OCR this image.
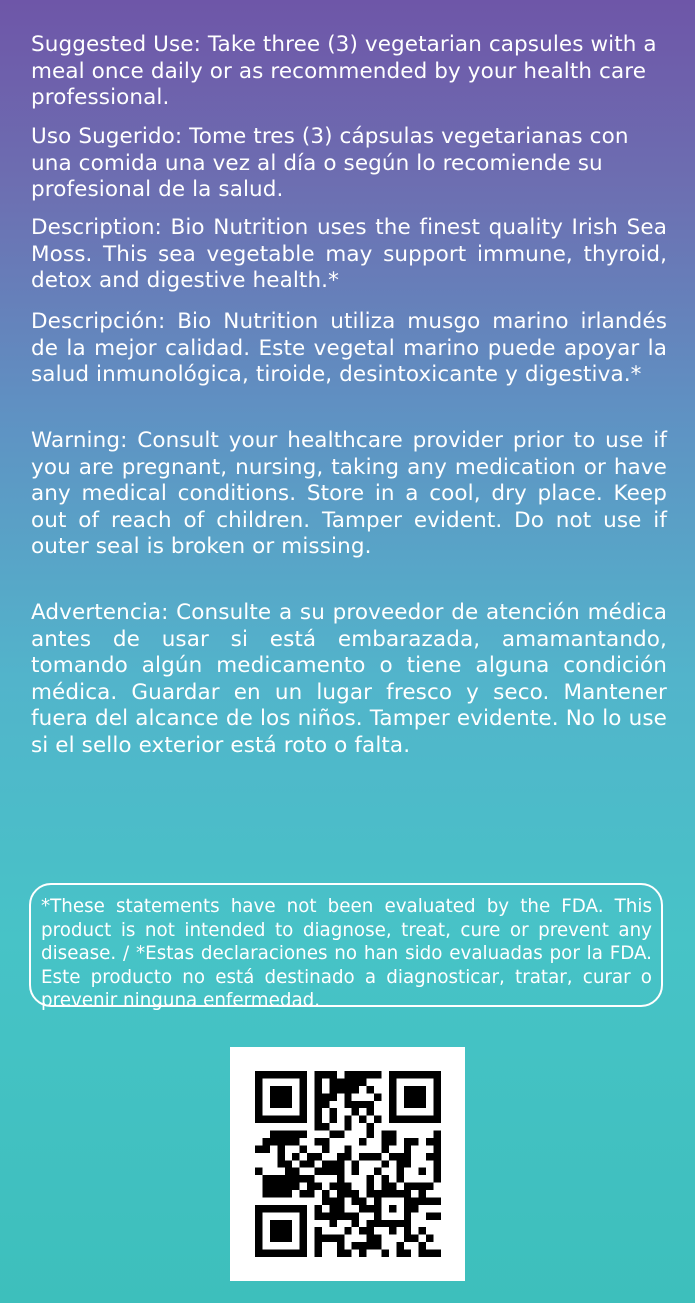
Suggested Use: Take three (3) vegetarian capsules with a meal once daily or as recommended by your health care professional.

Uso Sugerido: Tome tres (3) cápsulas vegetarianas con una comida una vez al día o según lo recomiende su profesional de la salud.

Description: Bio Nutrition uses the finest quality Irish Sea Moss. This sea vegetable may support immune, thyroid, detox and digestive health.*

Descripción: Bio Nutrition utiliza musgo marino irlandés de la mejor calidad. Este vegetal marino puede apoyar la salud inmunológica, tiroide, desintoxicante y digestiva.*

Warning: Consult your healthcare provider prior to use if you are pregnant, nursing, taking any medication or have any medical conditions. Store in a cool, dry place. Keep out of reach of children. Tamper evident. Do not use if outer seal is broken or missing.

Advertencia: Consulte a su proveedor de atención médica antes de usar si está embarazada, amamantando, tomando algún medicamento o tiene alguna condición médica. Guardar en un lugar fresco y seco. Mantener fuera del alcance de los niños. Tamper evidente. No lo use si el sello exterior está roto o falta.

*These statements have not been evaluated by the FDA. This product is not intended to diagnose, treat, cure or prevent any disease. / *Estas declaraciones no han sido evaluadas por la FDA. Este producto no está destinado a diagnosticar, tratar, curar o prevenir ninguna enfermedad.
